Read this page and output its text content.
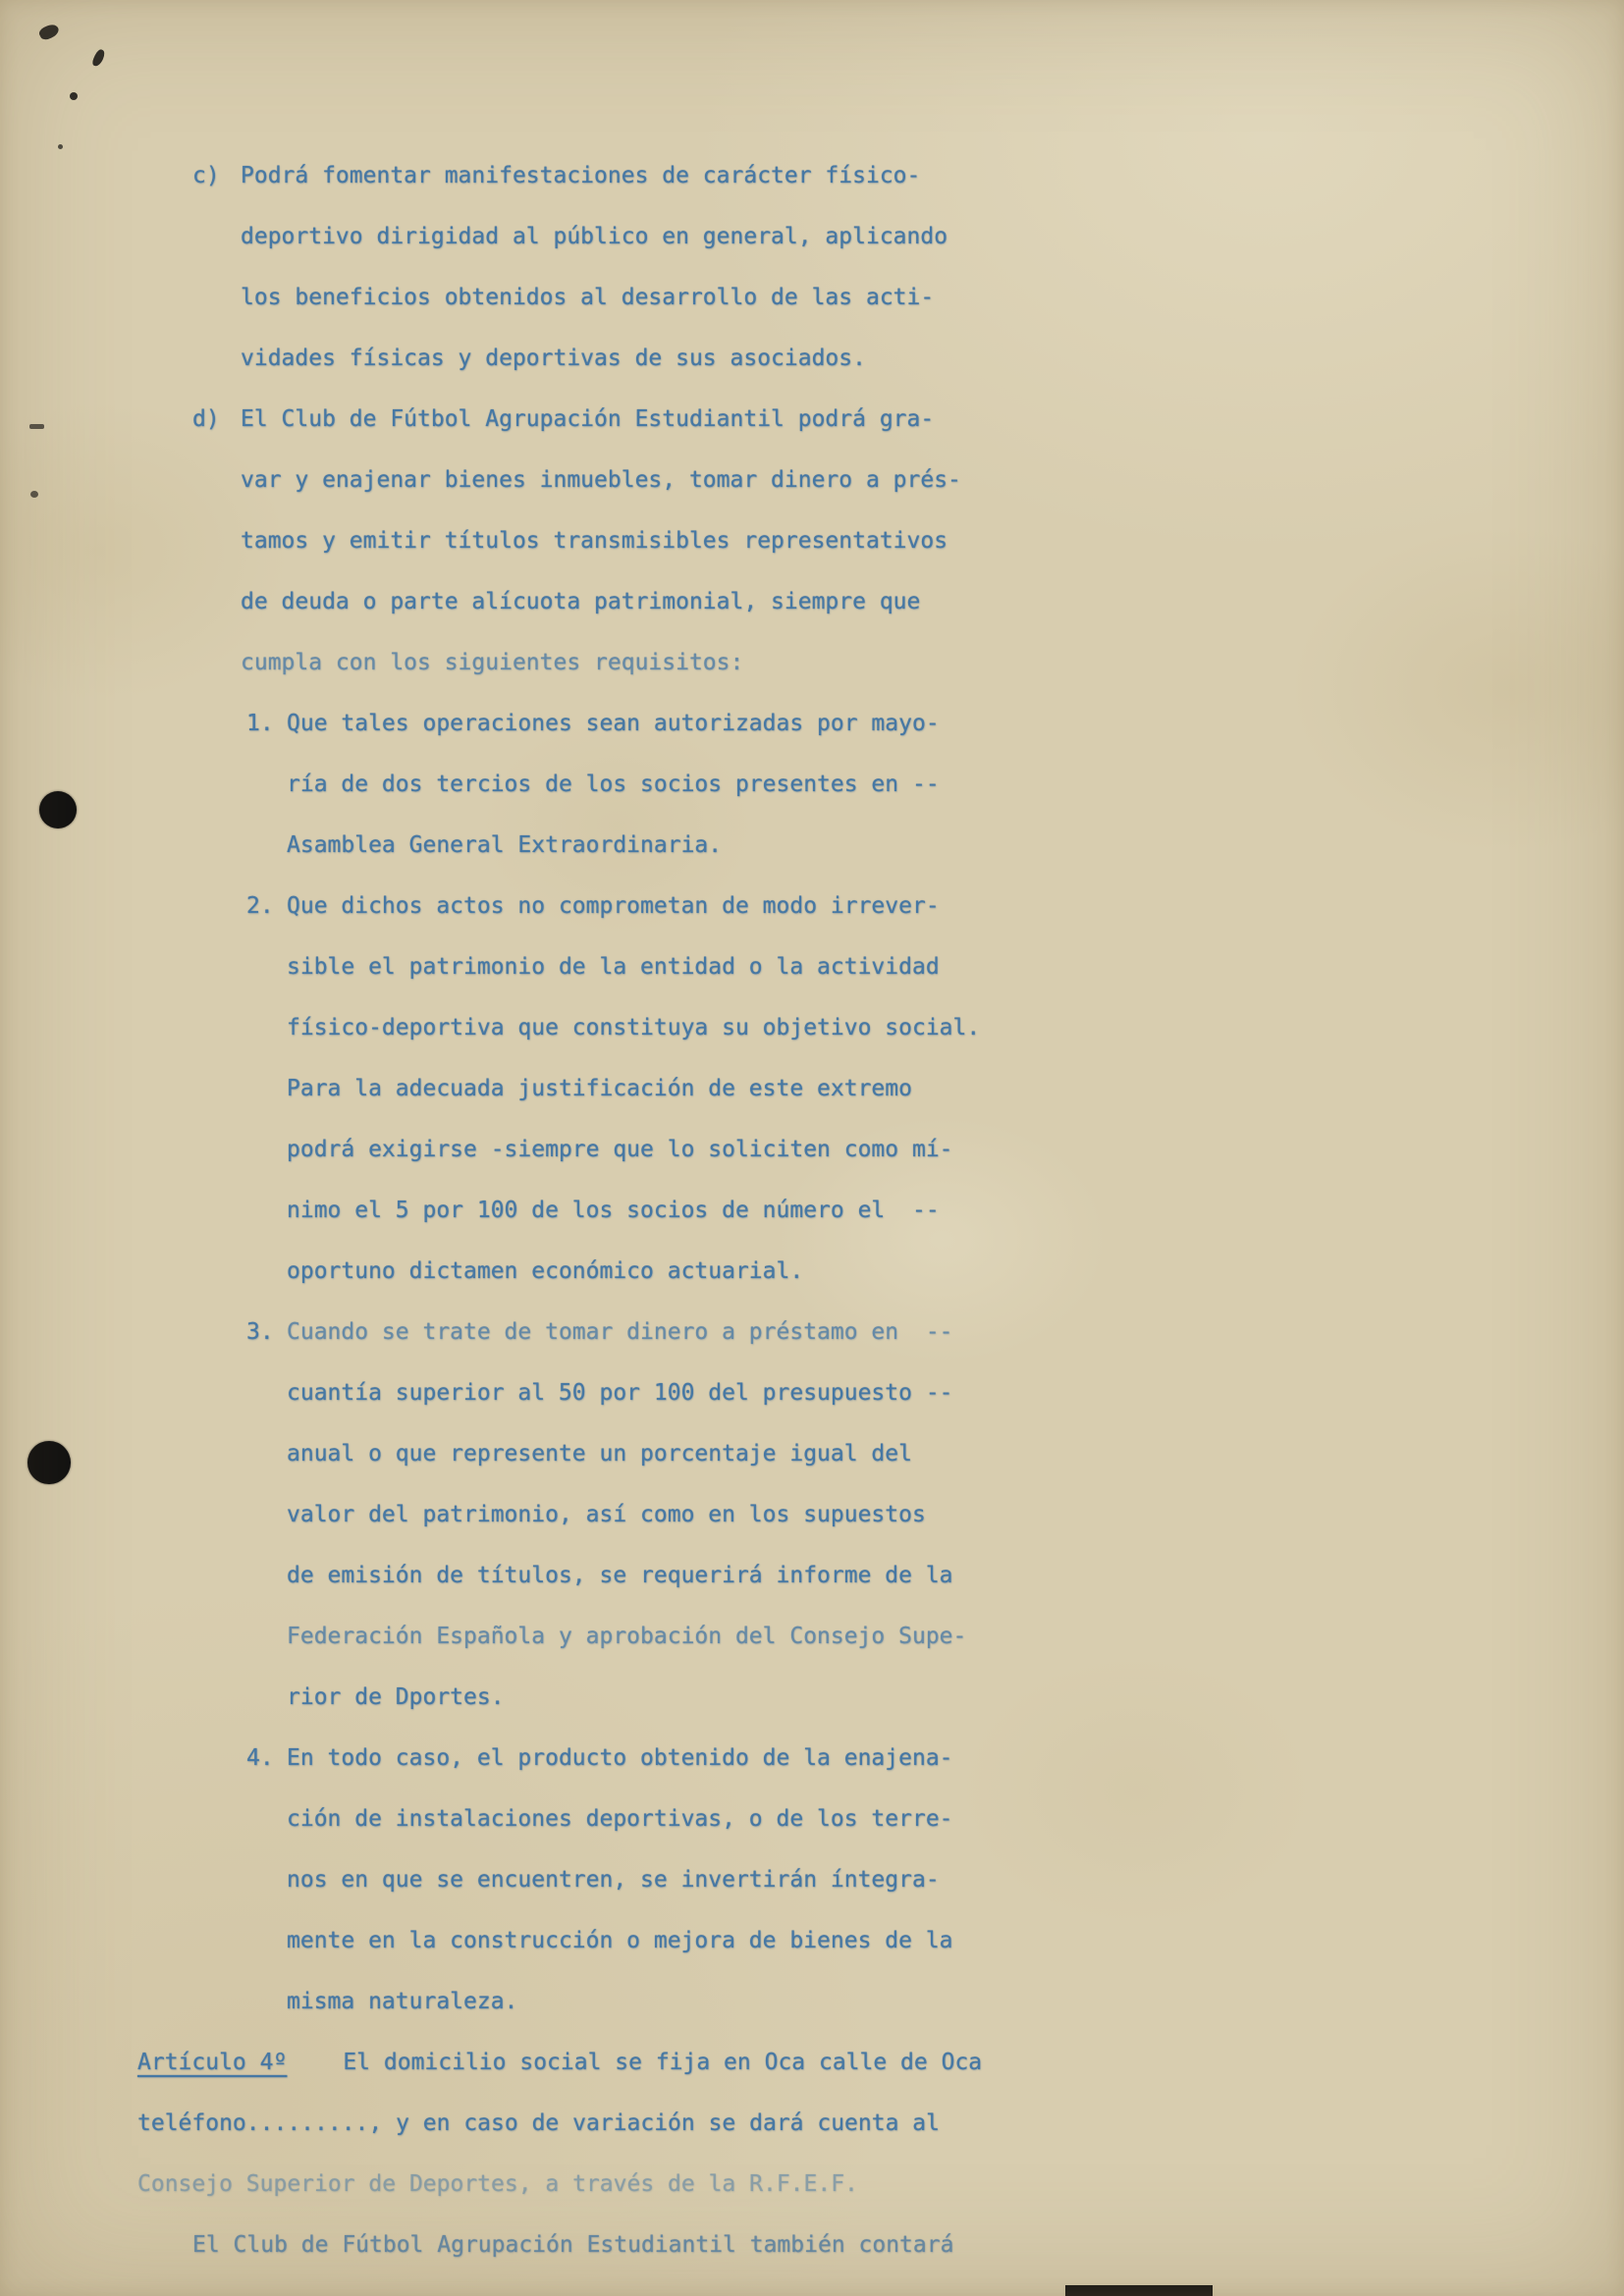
c) Podrá fomentar manifestaciones de carácter físico-
deportivo dirigidad al público en general, aplicando
los beneficios obtenidos al desarrollo de las acti-
vidades físicas y deportivas de sus asociados.
d) El Club de Fútbol Agrupación Estudiantil podrá gra-
var y enajenar bienes inmuebles, tomar dinero a prés-
tamos y emitir títulos transmisibles representativos
de deuda o parte alícuota patrimonial, siempre que
cumpla con los siguientes requisitos:
1. Que tales operaciones sean autorizadas por mayo-
ría de dos tercios de los socios presentes en --
Asamblea General Extraordinaria.
2. Que dichos actos no comprometan de modo irrever-
sible el patrimonio de la entidad o la actividad
físico-deportiva que constituya su objetivo social.
Para la adecuada justificación de este extremo
podrá exigirse -siempre que lo soliciten como mí-
nimo el 5 por 100 de los socios de número el  --
oportuno dictamen económico actuarial.
3. Cuando se trate de tomar dinero a préstamo en  --
cuantía superior al 50 por 100 del presupuesto --
anual o que represente un porcentaje igual del
valor del patrimonio, así como en los supuestos
de emisión de títulos, se requerirá informe de la
Federación Española y aprobación del Consejo Supe-
rior de Dportes.
4. En todo caso, el producto obtenido de la enajena-
ción de instalaciones deportivas, o de los terre-
nos en que se encuentren, se invertirán íntegra-
mente en la construcción o mejora de bienes de la
misma naturaleza.
Artículo 4º El domicilio social se fija en Oca calle de Oca
teléfono........., y en caso de variación se dará cuenta al
Consejo Superior de Deportes, a través de la R.F.E.F.
El Club de Fútbol Agrupación Estudiantil también contará
